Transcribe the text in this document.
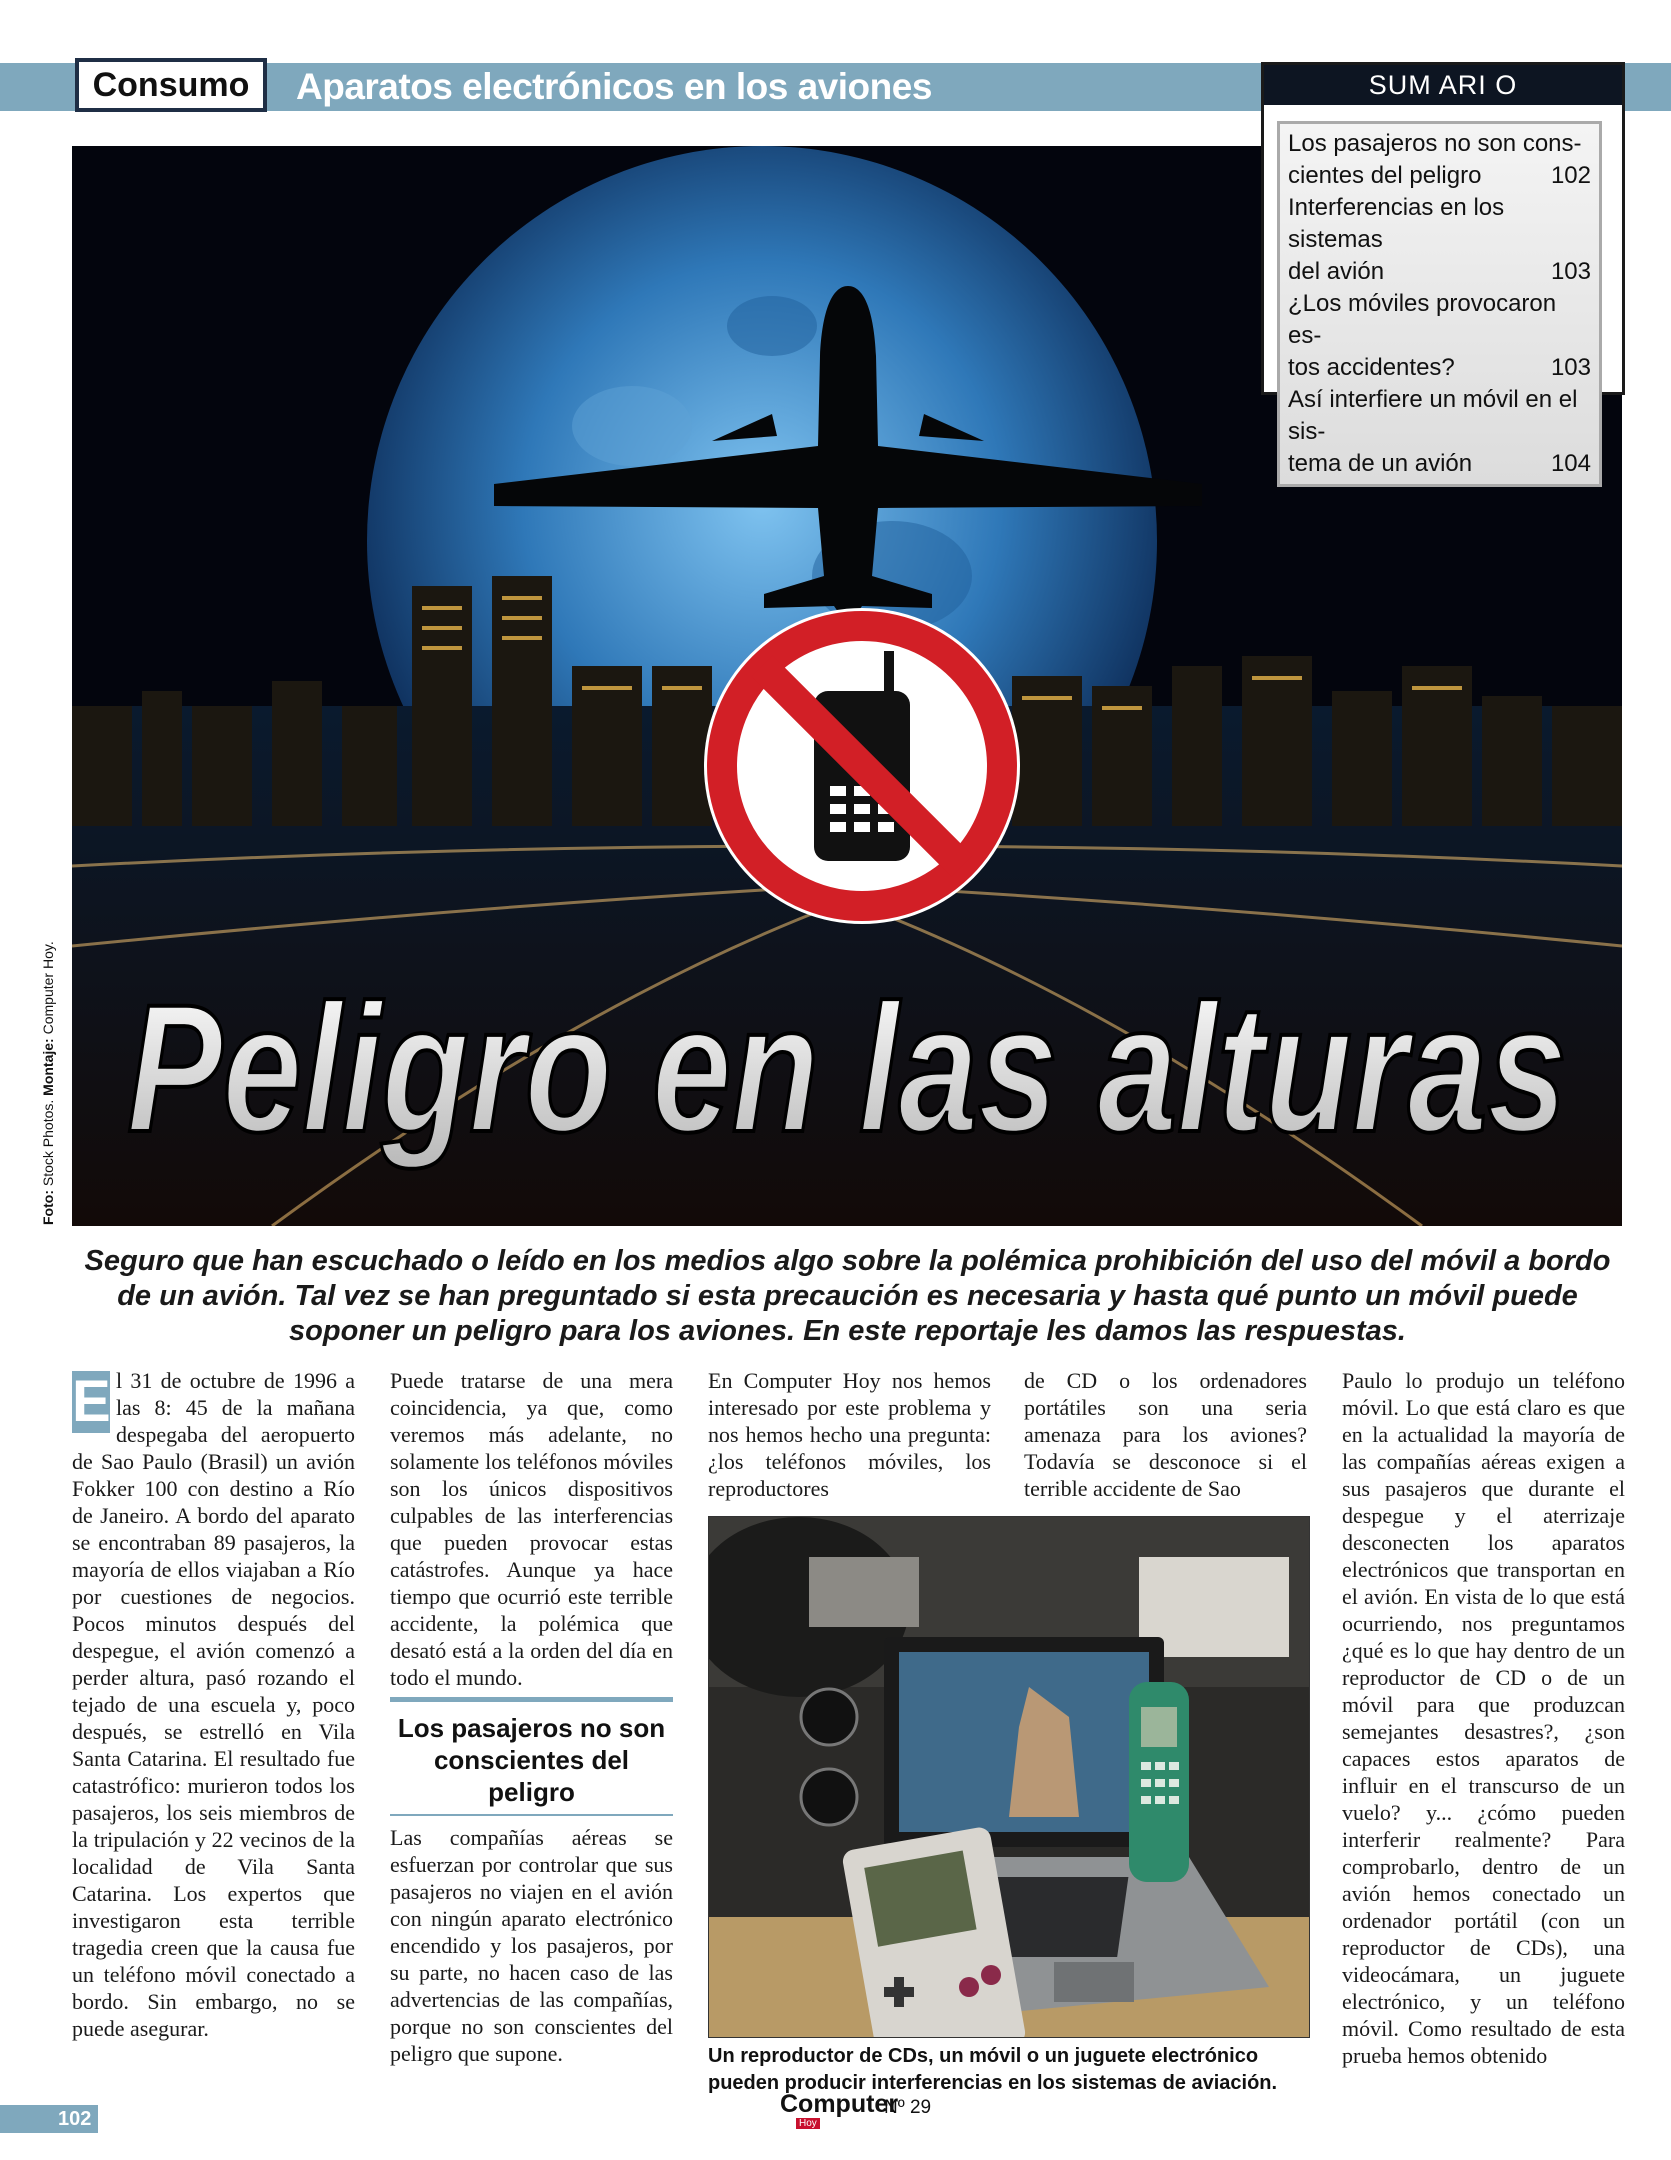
Consumo	Aparatos electrónicos en los aviones
Peligro en las alturas
Foto: Stock Photos. Montaje: Computer Hoy.
SUM ARI O
Los pasajeros no son cons-
cientes del peligro	102
Interferencias en los sistemas
del avión	103
¿Los móviles provocaron es-
tos accidentes?	103
Así interfiere un móvil en el sis-
tema de un avión	104
Seguro que han escuchado o leído en los medios algo sobre la polémica prohibición del uso del móvil a bordo de un avión. Tal vez se han preguntado si esta precaución es necesaria y hasta qué punto un móvil puede soponer un peligro para los aviones. En este reportaje les damos las respuestas.
E l 31 de octubre de 1996 a las 8: 45 de la mañana despegaba del aeropuerto de Sao Paulo (Brasil) un avión Fokker 100 con destino a Río de Janeiro. A bordo del aparato se encontraban 89 pasajeros, la mayoría de ellos viajaban a Río por cuestiones de negocios. Pocos minutos después del despegue, el avión comenzó a perder altura, pasó rozando el tejado de una escuela y, poco después, se estrelló en Vila Santa Catarina. El resultado fue catastrófico: murieron todos los pasajeros, los seis miembros de la tripulación y 22 vecinos de la localidad de Vila Santa Catarina. Los expertos que investigaron esta terrible tragedia creen que la causa fue un teléfono móvil conectado a bordo. Sin embargo, no se puede asegurar.

Puede tratarse de una mera coincidencia, ya que, como veremos más adelante, no solamente los teléfonos móviles son los únicos dispositivos culpables de las interferencias que pueden provocar estas catástrofes. Aunque ya hace tiempo que ocurrió este terrible accidente, la polémica que desató está a la orden del día en todo el mundo.

Los pasajeros no son conscientes del peligro

Las compañías aéreas se esfuerzan por controlar que sus pasajeros no viajen en el avión con ningún aparato electrónico encendido y los pasajeros, por su parte, no hacen caso de las advertencias de las compañías, porque no son conscientes del peligro que supone.

En Computer Hoy nos hemos interesado por este problema y nos hemos hecho una pregunta: ¿los teléfonos móviles, los reproductores

de CD o los ordenadores portátiles son una seria amenaza para los aviones? Todavía se desconoce si el terrible accidente de Sao

Paulo lo produjo un teléfono móvil. Lo que está claro es que en la actualidad la mayoría de las compañías aéreas exigen a sus pasajeros que durante el despegue y el aterrizaje desconecten los aparatos electrónicos que transportan en el avión. En vista de lo que está ocurriendo, nos preguntamos ¿qué es lo que hay dentro de un reproductor de CD o de un móvil para que produzcan semejantes desastres?, ¿son capaces estos aparatos de influir en el transcurso de un vuelo? y... ¿cómo pueden interferir realmente? Para comprobarlo, dentro de un avión hemos conectado un ordenador portátil (con un reproductor de CDs), una videocámara, un juguete electrónico, y un teléfono móvil. Como resultado de esta prueba hemos obtenido

Un reproductor de CDs, un móvil o un juguete electrónico pueden producir interferencias en los sistemas de aviación.
102
Computer
Hoy
Nº 29
